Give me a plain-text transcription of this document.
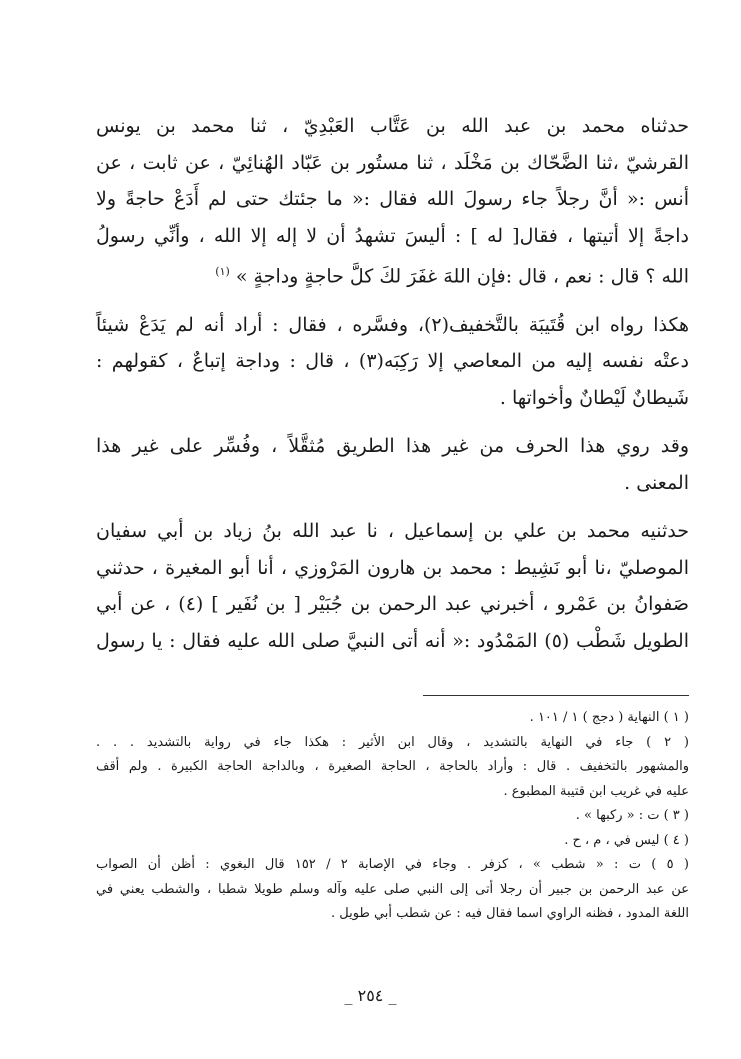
حدثناه محمد بن عبد الله بن عَتَّاب العَبْدِيّ ، ثنا محمد بن يونس
القرشيّ ،ثنا الضَّحّاك بن مَخْلَد ، ثنا مستُور بن عَبّاد الهُنائِيّ ، عن ثابت ، عن
أنس :« أنَّ رجلاً جاء رسولَ الله فقال :« ما جئتك حتى لم أَدَعْ حاجةً ولا
داجةً إلا أتيتها ، فقال[ له ] : أليسَ تشهدُ أن لا إله إلا الله ، وأنِّي رسولُ
الله ؟ قال : نعم ، قال :فإن اللهَ غفَرَ لكَ كلَّ حاجةٍ وداجةٍ » $^{(١)}$

هكذا رواه ابن قُتَيبَة بالتَّخفيف(٢)، وفسَّره ، فقال : أراد أنه لم يَدَعْ شيئاً
دعتْه نفسه إليه من المعاصي إلا رَكِبَه(٣) ، قال : وداجة إتباعٌ ، كقولهم :
شَيطانٌ لَيْطانٌ وأخواتها .

وقد روي هذا الحرف من غير هذا الطريق مُثقَّلاً ، وفُسِّر على غير هذا
المعنى .

حدثنيه محمد بن علي بن إسماعيل ، نا عبد الله بنُ زياد بن أبي سفيان
الموصليّ ،نا أبو نَشِيط : محمد بن هارون المَرْوزي ، أنا أبو المغيرة ، حدثني
صَفوانُ بن عَمْرو ، أخبرني عبد الرحمن بن جُبَيْر [ بن نُفَير ] (٤) ، عن أبي
الطويل شَطْب (٥) المَمْدُود :« أنه أتى النبيَّ صلى الله عليه فقال : يا رسول

( ١ ) النهاية ( دجج ) ١ / ١٠١ .
( ٢ ) جاء في النهاية بالتشديد ، وقال ابن الأثير : هكذا جاء في رواية بالتشديد . . .
والمشهور بالتخفيف . قال : وأراد بالحاجة ، الحاجة الصغيرة ، وبالداجة الحاجة الكبيرة . ولم أقف
عليه في غريب ابن قتيبة المطبوع .
( ٣ ) ت : « ركبها » .
( ٤ ) ليس في ، م ، ح .
( ٥ ) ت : « شطب » ، كزفر . وجاء في الإصابة ٢ / ١٥٢ قال البغوي : أظن أن الصواب
عن عبد الرحمن بن جبير أن رجلا أتى إلى النبي صلى عليه وآله وسلم طويلا شطبا ، والشطب يعني في
اللغة المدود ، فظنه الراوي اسما فقال فيه : عن شطب أبي طويل .
_ ٢٥٤ _
